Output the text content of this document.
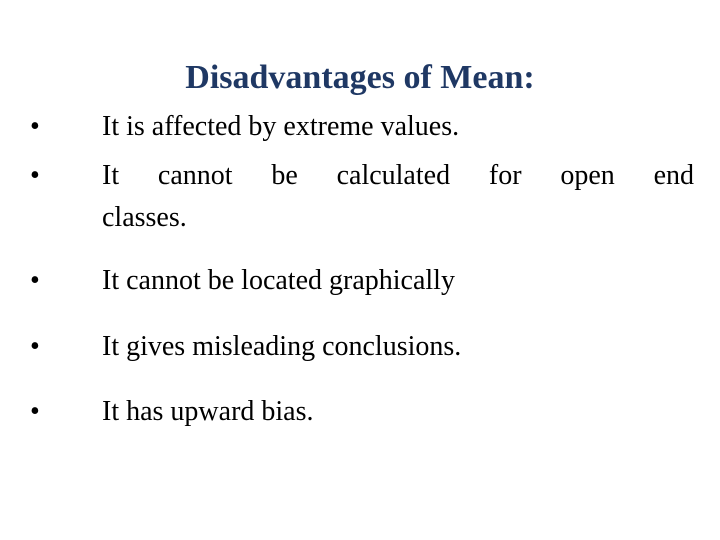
Disadvantages of Mean:
• It is affected by extreme values.
• It cannot be calculated for open end
classes.
• It cannot be located graphically
• It gives misleading conclusions.
• It has upward bias.
